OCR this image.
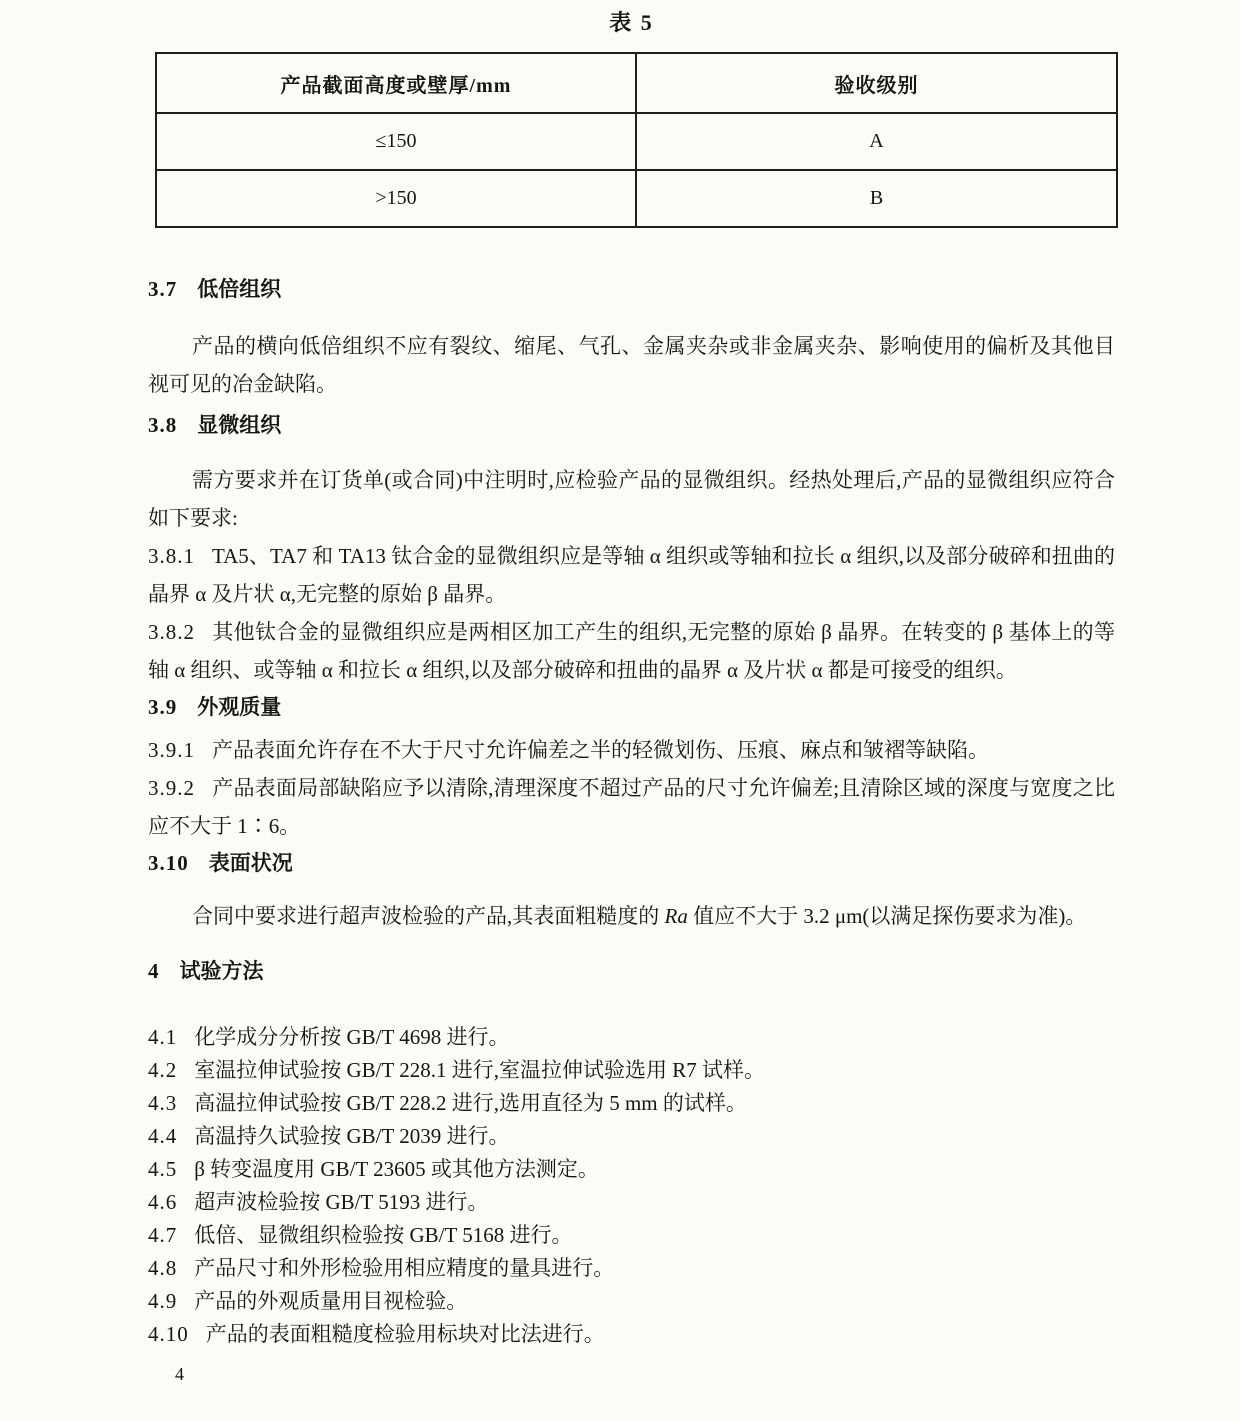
表 5
产品截面高度或壁厚/mm	验收级别
≤150	A
>150	B

3.7 低倍组织

产品的横向低倍组织不应有裂纹、缩尾、气孔、金属夹杂或非金属夹杂、影响使用的偏析及其他目视可见的冶金缺陷。

3.8 显微组织

需方要求并在订货单(或合同)中注明时,应检验产品的显微组织。经热处理后,产品的显微组织应符合如下要求:

3.8.1 TA5、TA7 和 TA13 钛合金的显微组织应是等轴 α 组织或等轴和拉长 α 组织,以及部分破碎和扭曲的晶界 α 及片状 α,无完整的原始 β 晶界。

3.8.2 其他钛合金的显微组织应是两相区加工产生的组织,无完整的原始 β 晶界。在转变的 β 基体上的等轴 α 组织、或等轴 α 和拉长 α 组织,以及部分破碎和扭曲的晶界 α 及片状 α 都是可接受的组织。

3.9 外观质量

3.9.1 产品表面允许存在不大于尺寸允许偏差之半的轻微划伤、压痕、麻点和皱褶等缺陷。

3.9.2 产品表面局部缺陷应予以清除,清理深度不超过产品的尺寸允许偏差;且清除区域的深度与宽度之比应不大于 1∶6。

3.10 表面状况

合同中要求进行超声波检验的产品,其表面粗糙度的 Ra 值应不大于 3.2 μm(以满足探伤要求为准)。

4 试验方法

4.1 化学成分分析按 GB/T 4698 进行。

4.2 室温拉伸试验按 GB/T 228.1 进行,室温拉伸试验选用 R7 试样。

4.3 高温拉伸试验按 GB/T 228.2 进行,选用直径为 5 mm 的试样。

4.4 高温持久试验按 GB/T 2039 进行。

4.5 β 转变温度用 GB/T 23605 或其他方法测定。

4.6 超声波检验按 GB/T 5193 进行。

4.7 低倍、显微组织检验按 GB/T 5168 进行。

4.8 产品尺寸和外形检验用相应精度的量具进行。

4.9 产品的外观质量用目视检验。

4.10 产品的表面粗糙度检验用标块对比法进行。

4
